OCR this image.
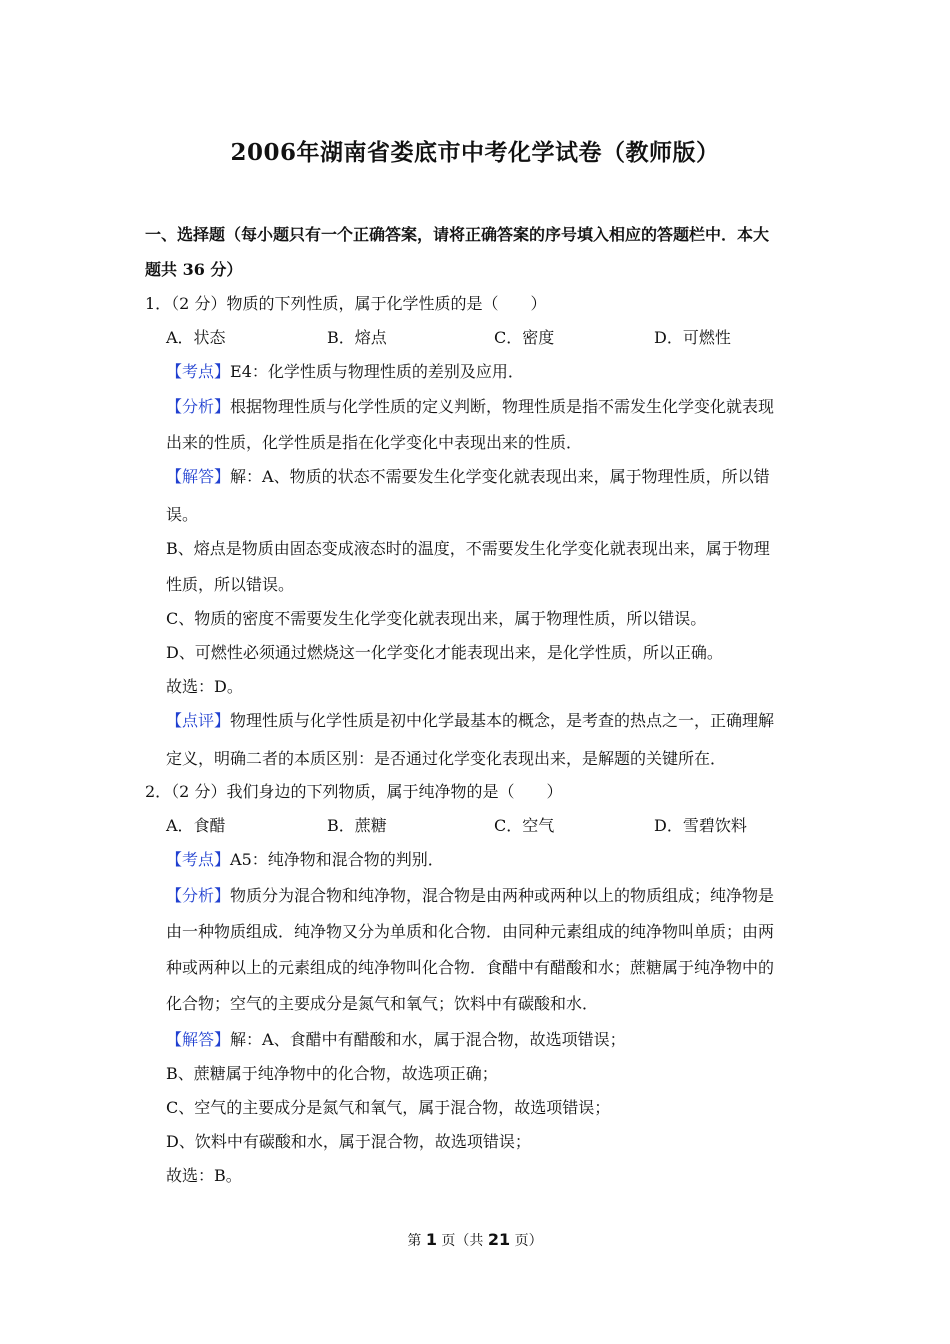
2006年湖南省娄底市中考化学试卷（教师版）
一、选择题（每小题只有一个正确答案，请将正确答案的序号填入相应的答题栏中．本大
题共 36 分）
1．（2 分）物质的下列性质，属于化学性质的是（　　）
A．状态	B．熔点	C．密度	D．可燃性
【考点】E4：化学性质与物理性质的差别及应用．
【分析】根据物理性质与化学性质的定义判断，物理性质是指不需发生化学变化就表现
出来的性质，化学性质是指在化学变化中表现出来的性质．
【解答】解：A、物质的状态不需要发生化学变化就表现出来，属于物理性质，所以错
误。
B、熔点是物质由固态变成液态时的温度，不需要发生化学变化就表现出来，属于物理
性质，所以错误。
C、物质的密度不需要发生化学变化就表现出来，属于物理性质，所以错误。
D、可燃性必须通过燃烧这一化学变化才能表现出来，是化学性质，所以正确。
故选：D。
【点评】物理性质与化学性质是初中化学最基本的概念，是考查的热点之一，正确理解
定义，明确二者的本质区别：是否通过化学变化表现出来，是解题的关键所在．
2．（2 分）我们身边的下列物质，属于纯净物的是（　　）
A．食醋	B．蔗糖	C．空气	D．雪碧饮料
【考点】A5：纯净物和混合物的判别．
【分析】物质分为混合物和纯净物，混合物是由两种或两种以上的物质组成；纯净物是
由一种物质组成．纯净物又分为单质和化合物．由同种元素组成的纯净物叫单质；由两
种或两种以上的元素组成的纯净物叫化合物．食醋中有醋酸和水；蔗糖属于纯净物中的
化合物；空气的主要成分是氮气和氧气；饮料中有碳酸和水．
【解答】解：A、食醋中有醋酸和水，属于混合物，故选项错误；
B、蔗糖属于纯净物中的化合物，故选项正确；
C、空气的主要成分是氮气和氧气，属于混合物，故选项错误；
D、饮料中有碳酸和水，属于混合物，故选项错误；
故选：B。
第 1 页（共 21 页）
